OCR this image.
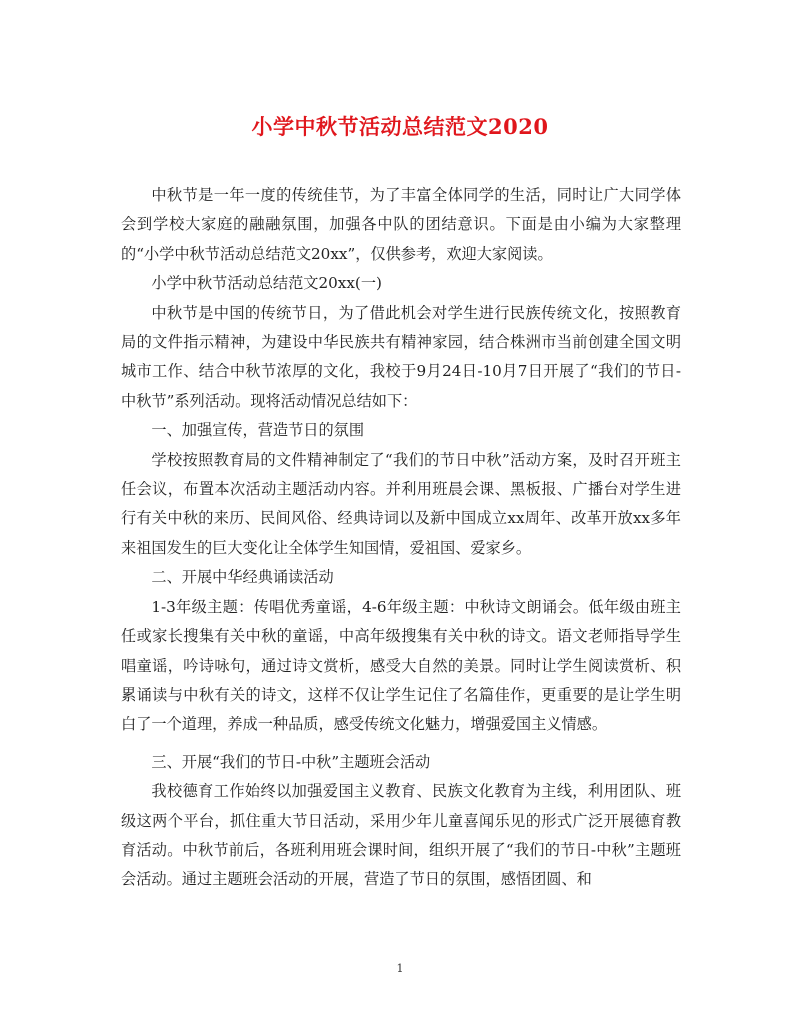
小学中秋节活动总结范文2020

中秋节是一年一度的传统佳节，为了丰富全体同学的生活，同时让广大同学体会到学校大家庭的融融氛围，加强各中队的团结意识。下面是由小编为大家整理的“小学中秋节活动总结范文20xx”，仅供参考，欢迎大家阅读。

小学中秋节活动总结范文20xx(一)

中秋节是中国的传统节日，为了借此机会对学生进行民族传统文化，按照教育局的文件指示精神，为建设中华民族共有精神家园，结合株洲市当前创建全国文明城市工作、结合中秋节浓厚的文化，我校于9月24日-10月7日开展了“我们的节日-中秋节”系列活动。现将活动情况总结如下：

一、加强宣传，营造节日的氛围

学校按照教育局的文件精神制定了“我们的节日中秋”活动方案，及时召开班主任会议，布置本次活动主题活动内容。并利用班晨会课、黑板报、广播台对学生进行有关中秋的来历、民间风俗、经典诗词以及新中国成立xx周年、改革开放xx多年来祖国发生的巨大变化让全体学生知国情，爱祖国、爱家乡。

二、开展中华经典诵读活动

1-3年级主题：传唱优秀童谣，4-6年级主题：中秋诗文朗诵会。低年级由班主任或家长搜集有关中秋的童谣，中高年级搜集有关中秋的诗文。语文老师指导学生唱童谣，吟诗咏句，通过诗文赏析，感受大自然的美景。同时让学生阅读赏析、积累诵读与中秋有关的诗文，这样不仅让学生记住了名篇佳作，更重要的是让学生明白了一个道理，养成一种品质，感受传统文化魅力，增强爱国主义情感。

三、开展“我们的节日-中秋”主题班会活动

我校德育工作始终以加强爱国主义教育、民族文化教育为主线，利用团队、班级这两个平台，抓住重大节日活动，采用少年儿童喜闻乐见的形式广泛开展德育教育活动。中秋节前后，各班利用班会课时间，组织开展了“我们的节日-中秋”主题班会活动。通过主题班会活动的开展，营造了节日的氛围，感悟团圆、和

1
